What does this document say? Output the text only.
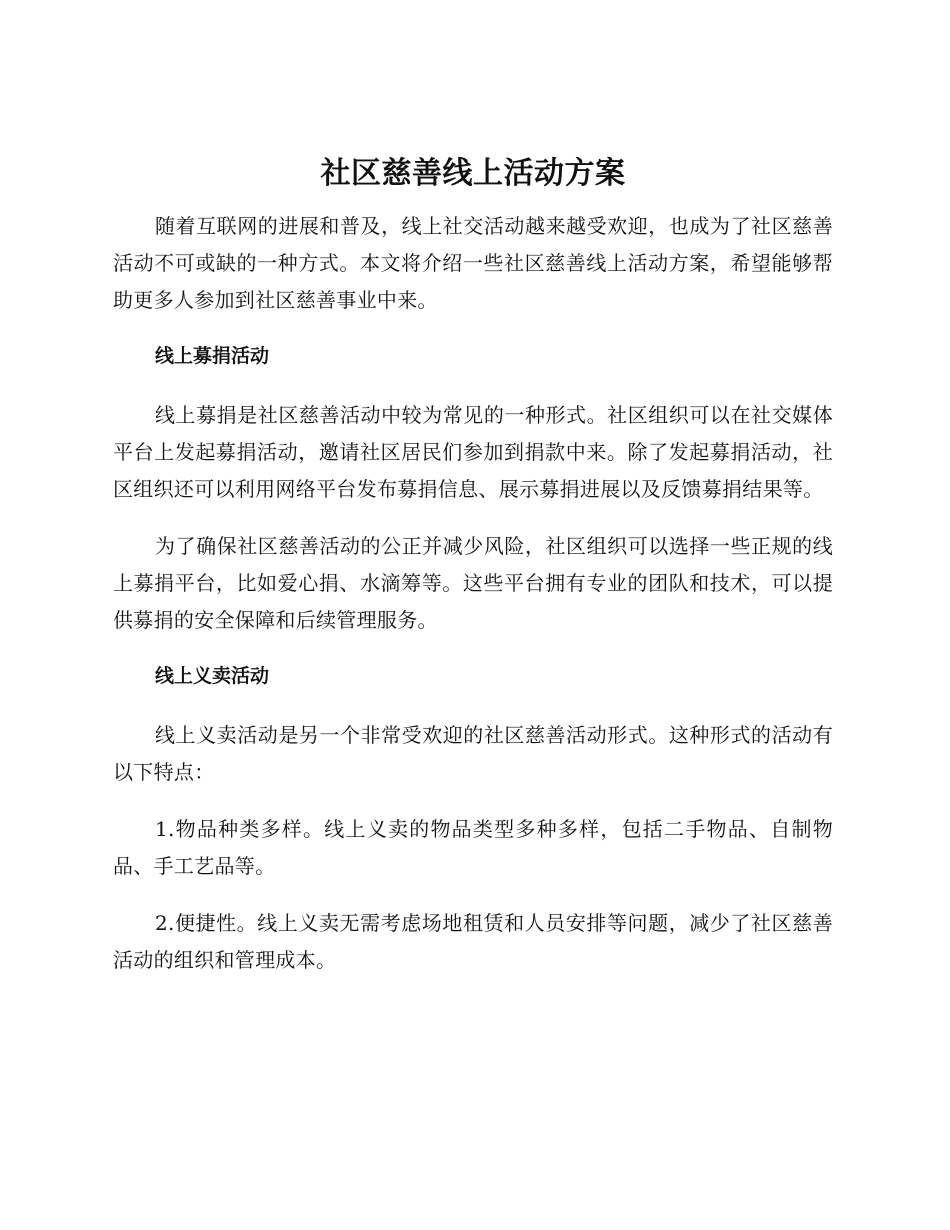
社区慈善线上活动方案

随着互联网的进展和普及，线上社交活动越来越受欢迎，也成为了社区慈善活动不可或缺的一种方式。本文将介绍一些社区慈善线上活动方案，希望能够帮助更多人参加到社区慈善事业中来。

线上募捐活动

线上募捐是社区慈善活动中较为常见的一种形式。社区组织可以在社交媒体平台上发起募捐活动，邀请社区居民们参加到捐款中来。除了发起募捐活动，社区组织还可以利用网络平台发布募捐信息、展示募捐进展以及反馈募捐结果等。

为了确保社区慈善活动的公正并减少风险，社区组织可以选择一些正规的线上募捐平台，比如爱心捐、水滴筹等。这些平台拥有专业的团队和技术，可以提供募捐的安全保障和后续管理服务。

线上义卖活动

线上义卖活动是另一个非常受欢迎的社区慈善活动形式。这种形式的活动有以下特点：

1.物品种类多样。线上义卖的物品类型多种多样，包括二手物品、自制物品、手工艺品等。

2.便捷性。线上义卖无需考虑场地租赁和人员安排等问题，减少了社区慈善活动的组织和管理成本。
